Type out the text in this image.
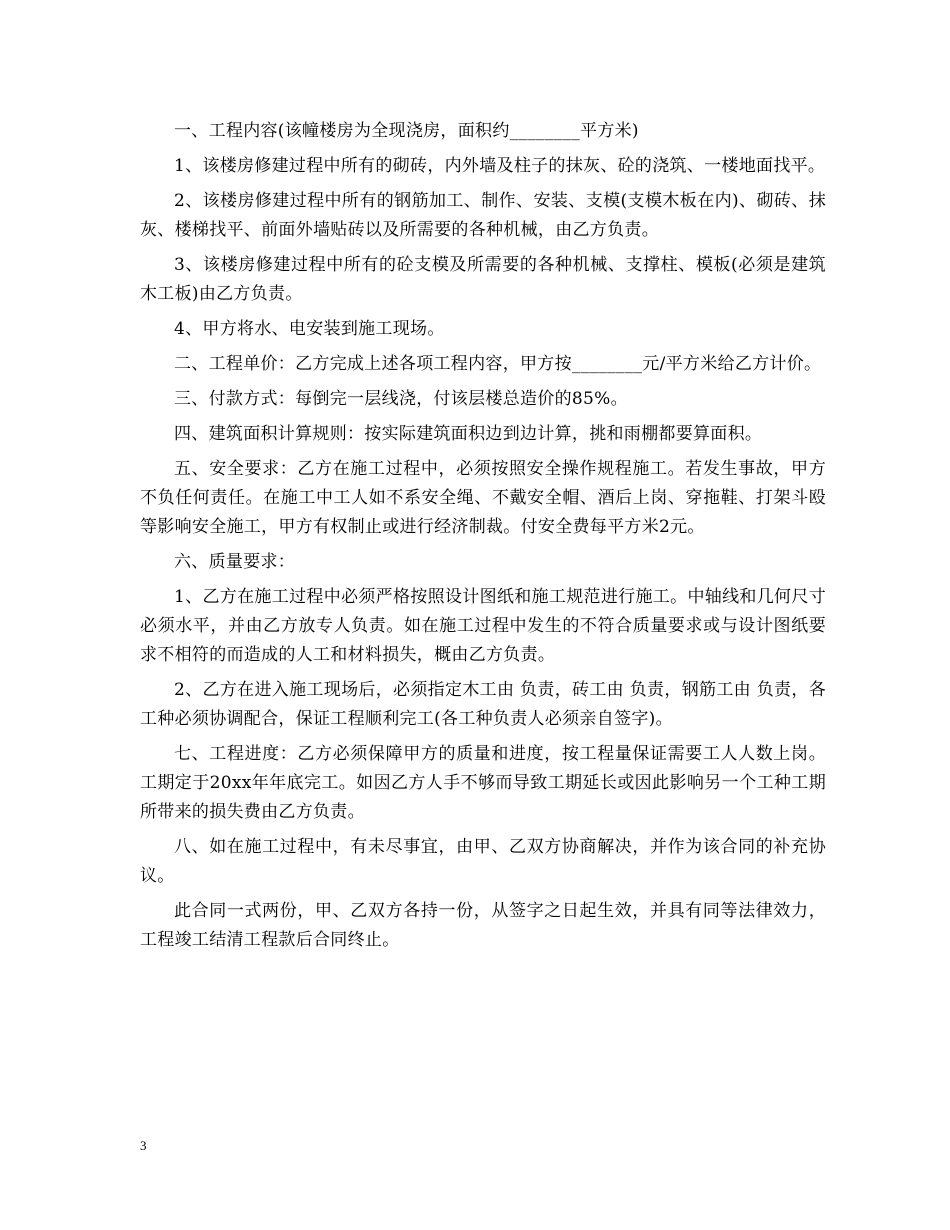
一、工程内容(该幢楼房为全现浇房，面积约________平方米)

1、该楼房修建过程中所有的砌砖，内外墙及柱子的抹灰、砼的浇筑、一楼地面找平。

2、该楼房修建过程中所有的钢筋加工、制作、安装、支模(支模木板在内)、砌砖、抹灰、楼梯找平、前面外墙贴砖以及所需要的各种机械，由乙方负责。

3、该楼房修建过程中所有的砼支模及所需要的各种机械、支撑柱、模板(必须是建筑木工板)由乙方负责。

4、甲方将水、电安装到施工现场。

二、工程单价：乙方完成上述各项工程内容，甲方按________元/平方米给乙方计价。

三、付款方式：每倒完一层线浇，付该层楼总造价的85%。

四、建筑面积计算规则：按实际建筑面积边到边计算，挑和雨棚都要算面积。

五、安全要求：乙方在施工过程中，必须按照安全操作规程施工。若发生事故，甲方不负任何责任。在施工中工人如不系安全绳、不戴安全帽、酒后上岗、穿拖鞋、打架斗殴等影响安全施工，甲方有权制止或进行经济制裁。付安全费每平方米2元。

六、质量要求：

1、乙方在施工过程中必须严格按照设计图纸和施工规范进行施工。中轴线和几何尺寸必须水平，并由乙方放专人负责。如在施工过程中发生的不符合质量要求或与设计图纸要求不相符的而造成的人工和材料损失，概由乙方负责。

2、乙方在进入施工现场后，必须指定木工由 负责，砖工由 负责，钢筋工由 负责，各工种必须协调配合，保证工程顺利完工(各工种负责人必须亲自签字)。

七、工程进度：乙方必须保障甲方的质量和进度，按工程量保证需要工人人数上岗。工期定于20xx年年底完工。如因乙方人手不够而导致工期延长或因此影响另一个工种工期所带来的损失费由乙方负责。

八、如在施工过程中，有未尽事宜，由甲、乙双方协商解决，并作为该合同的补充协议。

此合同一式两份，甲、乙双方各持一份，从签字之日起生效，并具有同等法律效力，工程竣工结清工程款后合同终止。

3
